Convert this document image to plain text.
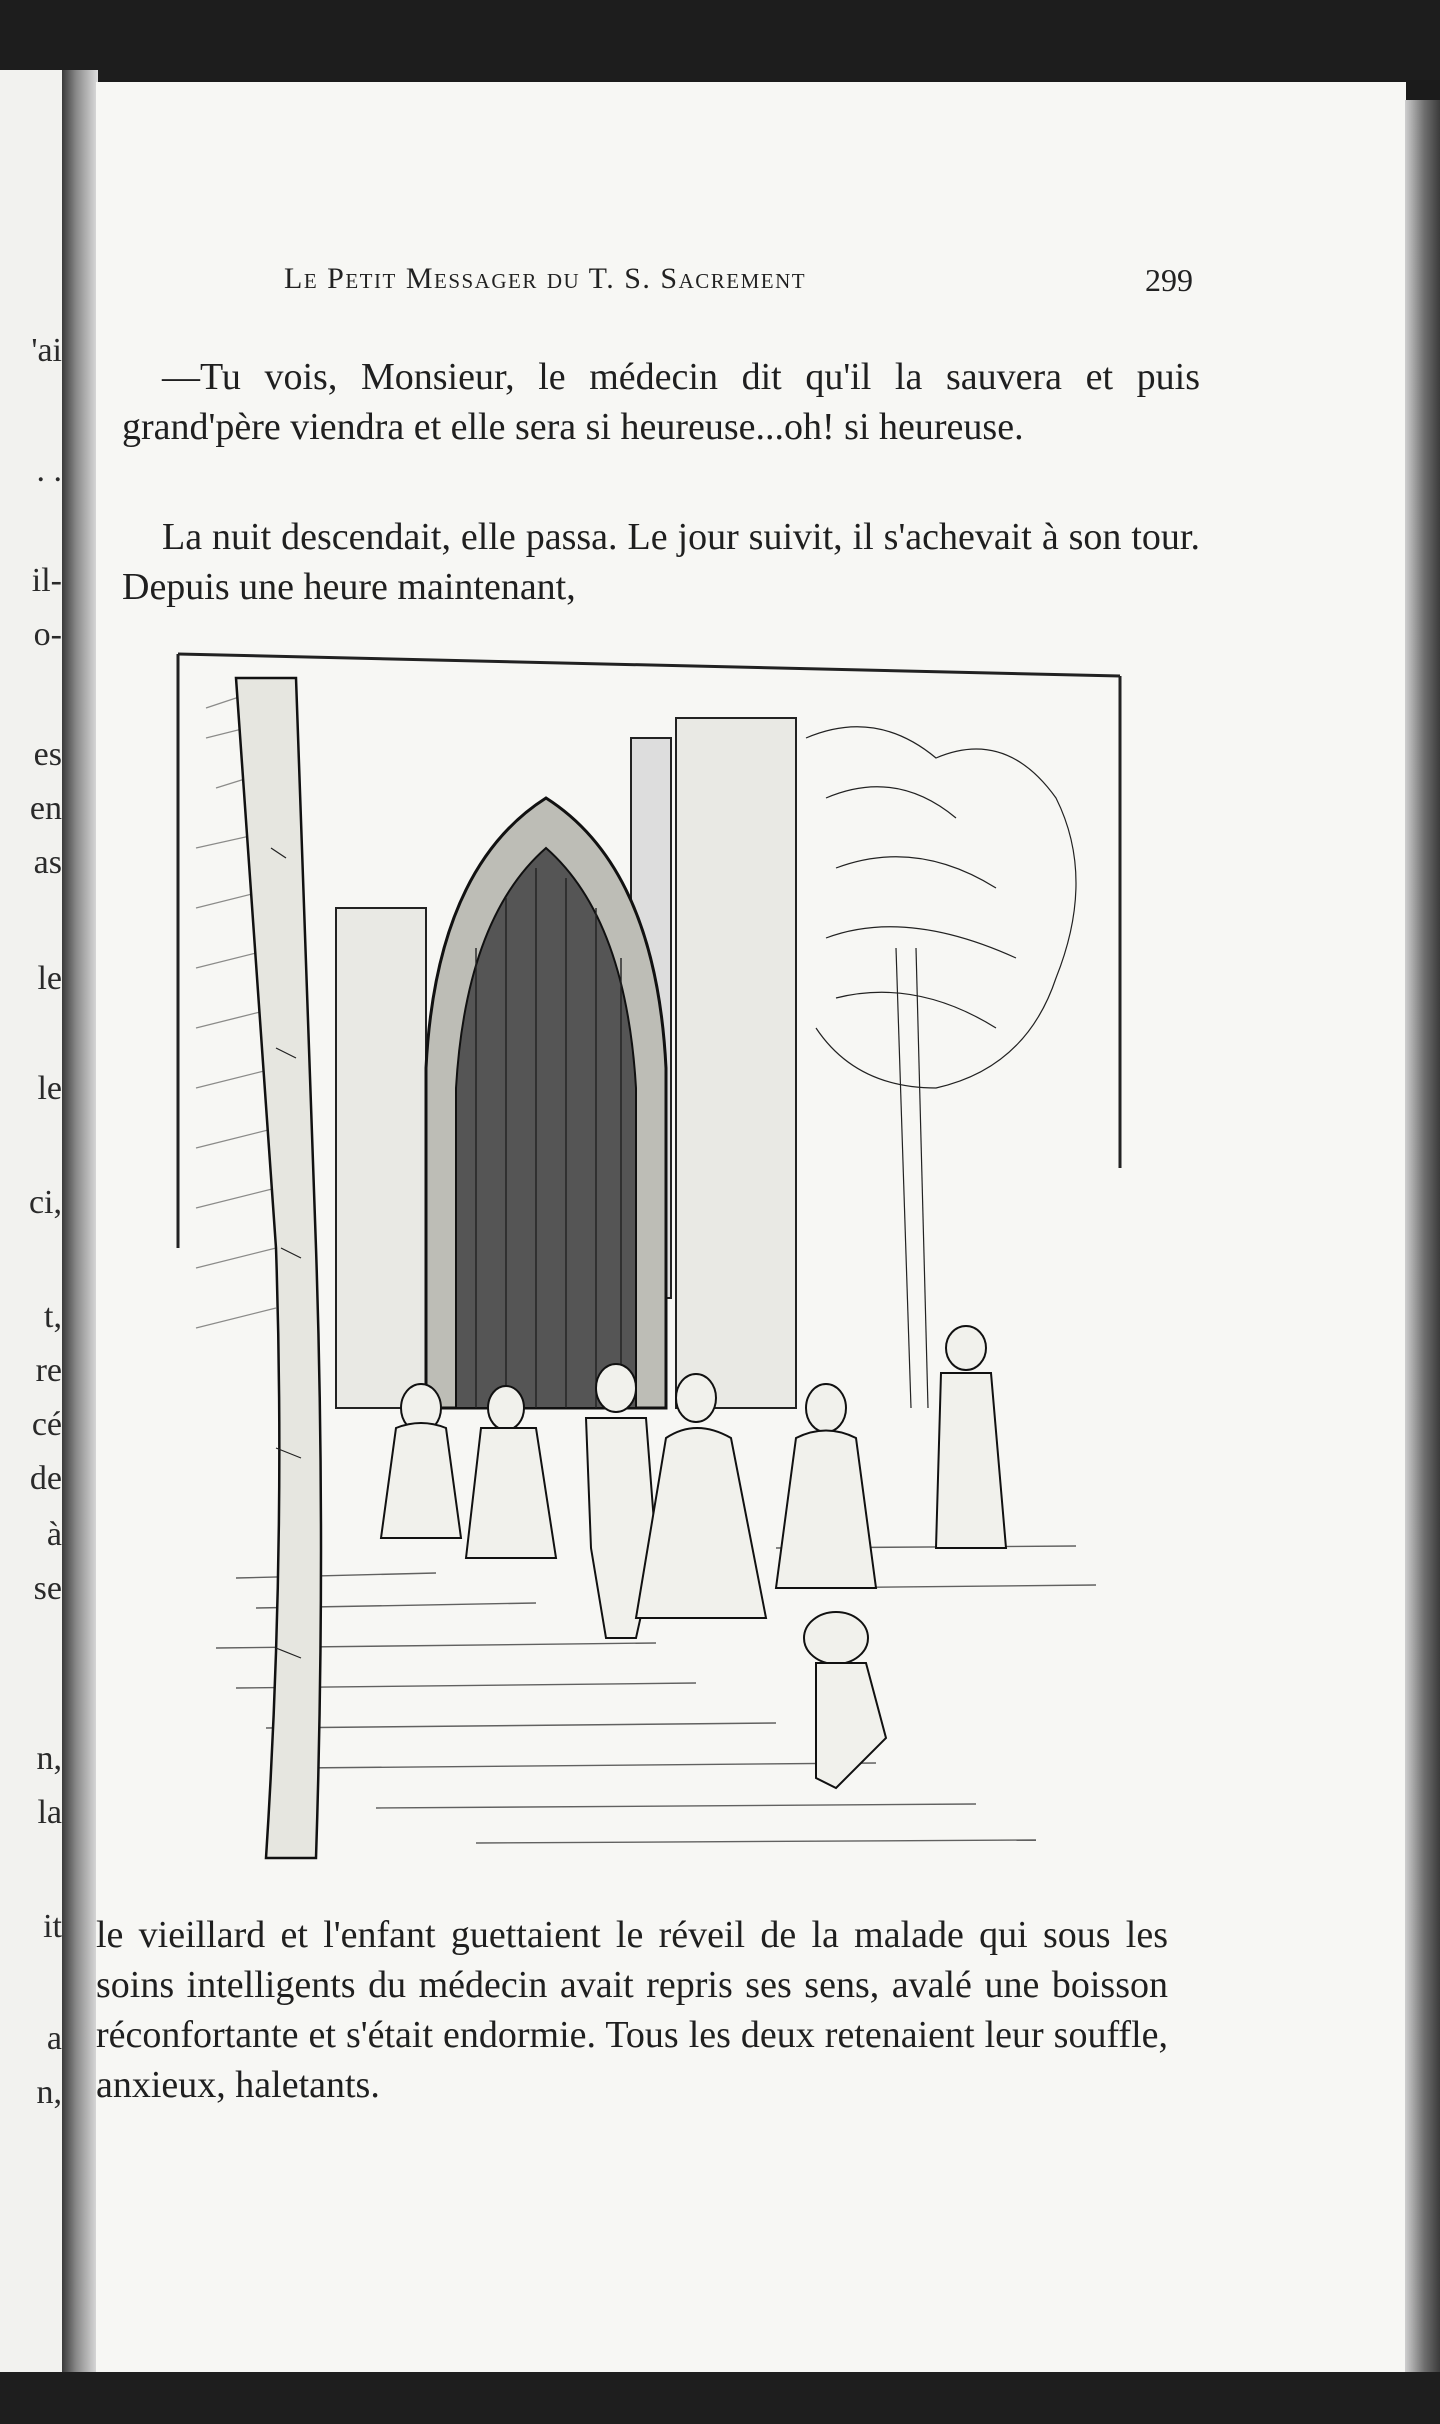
'ai
. .
il-
o-
es
en
as
le
le
ci,
t,
re
cé
de
à
se
n,
la
it
a
n,
Le Petit Messager du T. S. Sacrement	299

—Tu vois, Monsieur, le médecin dit qu'il la sauvera et puis grand'père viendra et elle sera si heureuse...oh! si heureuse.

La nuit descendait, elle passa. Le jour suivit, il s'achevait à son tour. Depuis une heure maintenant,

le vieillard et l'enfant guettaient le réveil de la malade qui sous les soins intelligents du médecin avait repris ses sens, avalé une boisson réconfortante et s'était endormie. Tous les deux retenaient leur souffle, anxieux, haletants.
